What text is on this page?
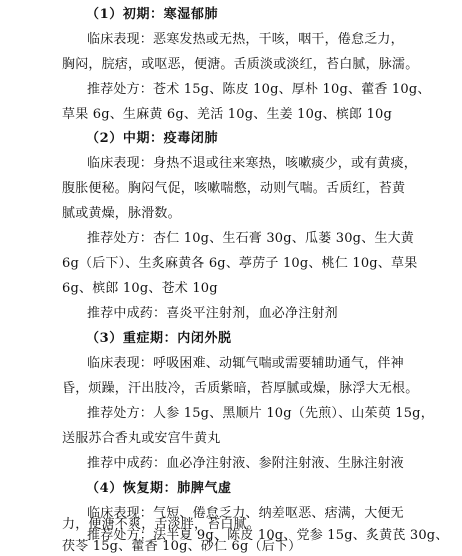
（1）初期：寒湿郁肺
临床表现：恶寒发热或无热，干咳，咽干，倦怠乏力，
胸闷，脘痞，或呕恶，便溏。舌质淡或淡红，苔白腻，脉濡。
推荐处方：苍术 15g、陈皮 10g、厚朴 10g、藿香 10g、
草果 6g、生麻黄 6g、羌活 10g、生姜 10g、槟郎 10g
（2）中期：疫毒闭肺
临床表现：身热不退或往来寒热，咳嗽痰少，或有黄痰，
腹胀便秘。胸闷气促，咳嗽喘憋，动则气喘。舌质红，苔黄
腻或黄燥，脉滑数。
推荐处方：杏仁 10g、生石膏 30g、瓜蒌 30g、生大黄
6g（后下）、生炙麻黄各 6g、葶苈子 10g、桃仁 10g、草果
6g、槟郎 10g、苍术 10g
推荐中成药：喜炎平注射剂，血必净注射剂
（3）重症期：内闭外脱
临床表现：呼吸困难、动辄气喘或需要辅助通气，伴神
昏，烦躁，汗出肢冷，舌质紫暗，苔厚腻或燥，脉浮大无根。
推荐处方：人参 15g、黑顺片 10g（先煎）、山茱萸 15g，
送服苏合香丸或安宫牛黄丸
推荐中成药：血必净注射液、参附注射液、生脉注射液
（4）恢复期：肺脾气虚
临床表现：气短、倦怠乏力、纳差呕恶、痞满，大便无
力，便溏不爽，舌淡胖，苔白腻。
推荐处方：法半夏 9g、陈皮 10g、党参 15g、炙黄芪 30g、
茯苓 15g、藿香 10g、砂仁 6g（后下）
